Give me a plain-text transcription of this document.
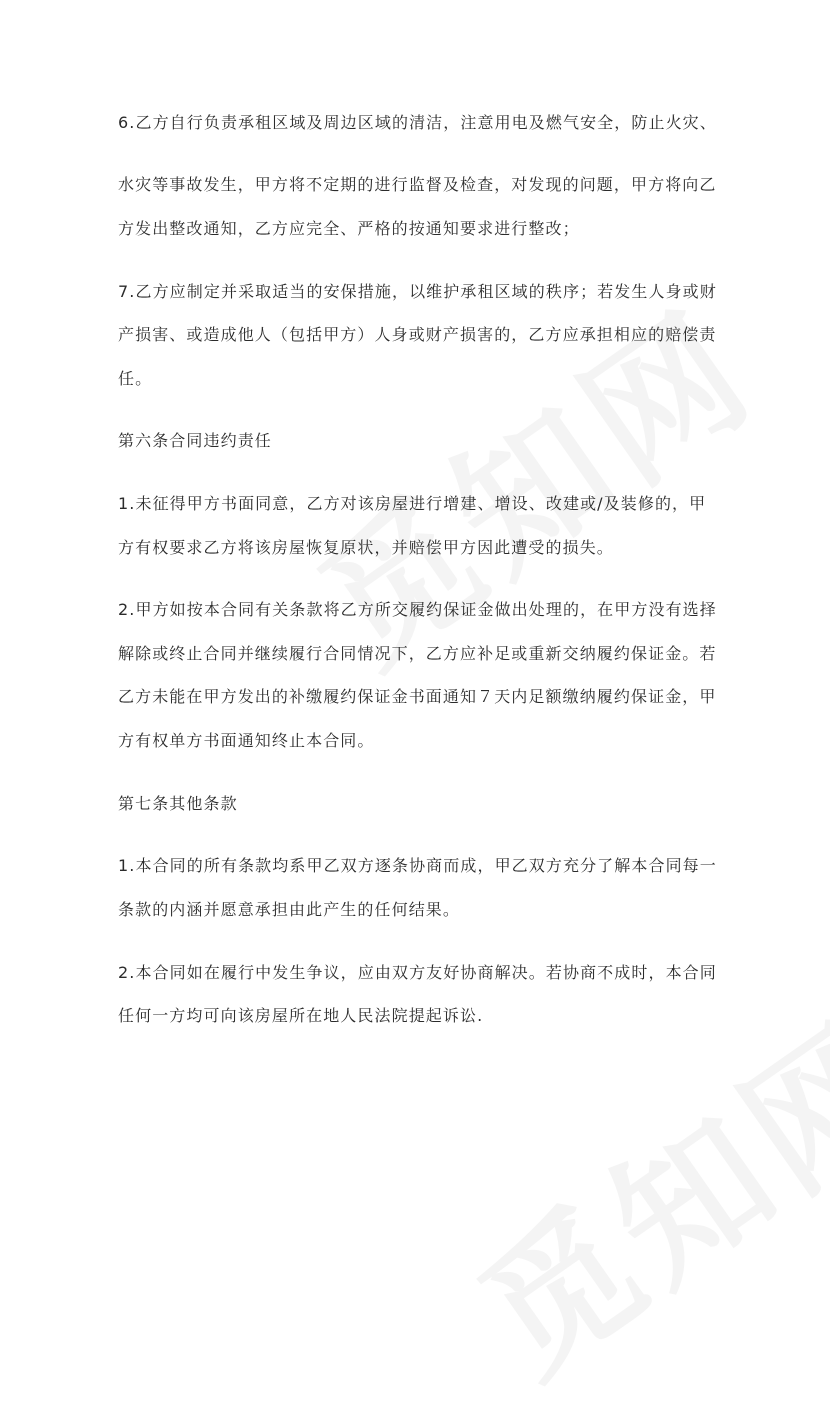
6.乙方自行负责承租区域及周边区域的清洁，注意用电及燃气安全，防止火灾、
水灾等事故发生，甲方将不定期的进行监督及检查，对发现的问题，甲方将向乙
方发出整改通知，乙方应完全、严格的按通知要求进行整改；
7.乙方应制定并采取适当的安保措施，以维护承租区域的秩序；若发生人身或财
产损害、或造成他人（包括甲方）人身或财产损害的，乙方应承担相应的赔偿责
任。
第六条合同违约责任
1.未征得甲方书面同意，乙方对该房屋进行增建、增设、改建或/及装修的，甲
方有权要求乙方将该房屋恢复原状，并赔偿甲方因此遭受的损失。
2.甲方如按本合同有关条款将乙方所交履约保证金做出处理的，在甲方没有选择
解除或终止合同并继续履行合同情况下，乙方应补足或重新交纳履约保证金。若
乙方未能在甲方发出的补缴履约保证金书面通知７天内足额缴纳履约保证金，甲
方有权单方书面通知终止本合同。
第七条其他条款
1.本合同的所有条款均系甲乙双方逐条协商而成，甲乙双方充分了解本合同每一
条款的内涵并愿意承担由此产生的任何结果。
2.本合同如在履行中发生争议，应由双方友好协商解决。若协商不成时，本合同
任何一方均可向该房屋所在地人民法院提起诉讼.
